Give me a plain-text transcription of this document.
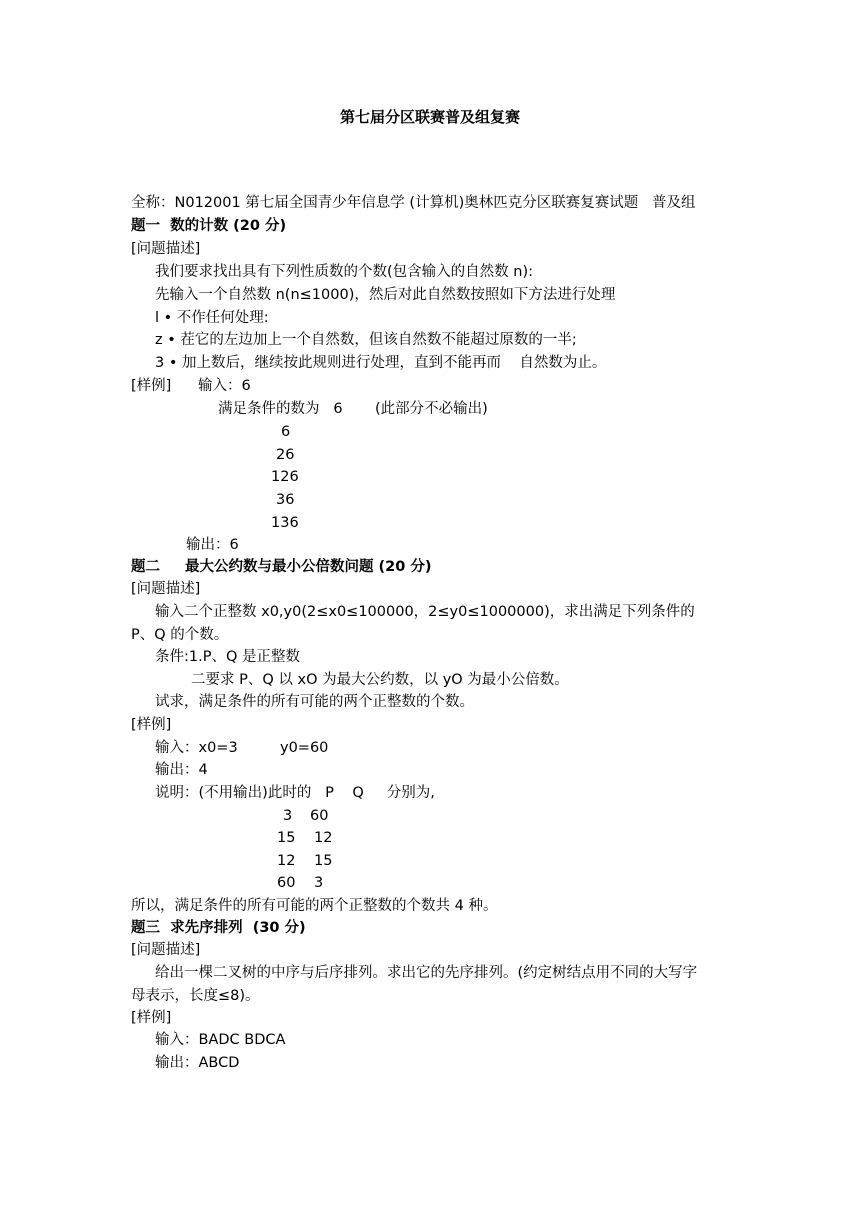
第七届分区联赛普及组复赛
全称：N012001 第七届全国青少年信息学 (计算机)奥林匹克分区联赛复赛试题   普及组
题一  数的计数 (20 分)
[问题描述]
我们要求找出具有下列性质数的个数(包含输入的自然数 n):
先输入一个自然数 n(n≤1000)，然后对此自然数按照如下方法进行处理
l • 不作任何处理:
z • 茬它的左边加上一个自然数，但该自然数不能超过原数的一半;
3 • 加上数后，继续按此规则进行处理，直到不能再而    自然数为止。
[样例] 输入：6
满足条件的数为   6 (此部分不必输出)
6
26
126
36
136
输出：6
题二 最大公约数与最小公倍数问题 (20 分)
[问题描述]
输入二个正整数 x0,y0(2≤x0≤100000，2≤y0≤1000000)，求出满足下列条件的
P、Q 的个数。
条件:1.P、Q 是正整数
二要求 P、Q 以 xO 为最大公约数，以 yO 为最小公倍数。
试求，满足条件的所有可能的两个正整数的个数。
[样例]
输入：x0=3	y0=60
输出：4
说明：(不用输出)此时的   P    Q     分别为,
3 60
15 12
12 15
60 3
所以，满足条件的所有可能的两个正整数的个数共 4 种。
题三  求先序排列  (30 分)
[问题描述]
给出一棵二叉树的中序与后序排列。求出它的先序排列。(约定树结点用不同的大写字
母表示，长度≤8)。
[样例]
输入：BADC BDCA
输出：ABCD
